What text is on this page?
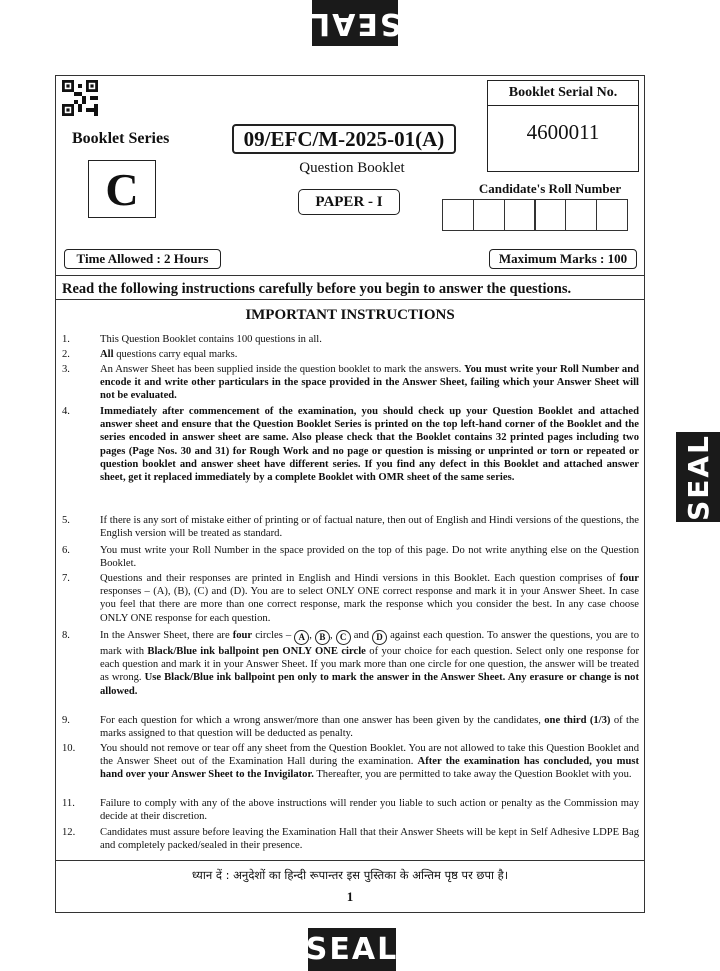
SEAL
SEAL
SEAL
Booklet Series
C
09/EFC/M-2025-01(A)
Question Booklet
PAPER - I
Booklet Serial No.
4600011
Candidate's Roll Number
Time Allowed : 2 Hours	Maximum Marks : 100
Read the following instructions carefully before you begin to answer the questions.
IMPORTANT INSTRUCTIONS
1.	This Question Booklet contains 100 questions in all.
2.	All questions carry equal marks.
3.	An Answer Sheet has been supplied inside the question booklet to mark the answers. You must write your Roll Number and encode it and write other particulars in the space provided in the Answer Sheet, failing which your Answer Sheet will not be evaluated.
4.	Immediately after commencement of the examination, you should check up your Question Booklet and attached answer sheet and ensure that the Question Booklet Series is printed on the top left-hand corner of the Booklet and the series encoded in answer sheet are same. Also please check that the Booklet contains 32 printed pages including two pages (Page Nos. 30 and 31) for Rough Work and no page or question is missing or unprinted or torn or repeated or question booklet and answer sheet have different series. If you find any defect in this Booklet and attached answer sheet, get it replaced immediately by a complete Booklet with OMR sheet of the same series.
5.	If there is any sort of mistake either of printing or of factual nature, then out of English and Hindi versions of the questions, the English version will be treated as standard.
6.	You must write your Roll Number in the space provided on the top of this page. Do not write anything else on the Question Booklet.
7.	Questions and their responses are printed in English and Hindi versions in this Booklet. Each question comprises of four responses – (A), (B), (C) and (D). You are to select ONLY ONE correct response and mark it in your Answer Sheet. In case you feel that there are more than one correct response, mark the response which you consider the best. In any case choose ONLY ONE response for each question.
8.	In the Answer Sheet, there are four circles – A , B , C and D against each question. To answer the questions, you are to mark with Black/Blue ink ballpoint pen ONLY ONE circle of your choice for each question. Select only one response for each question and mark it in your Answer Sheet. If you mark more than one circle for one question, the answer will be treated as wrong. Use Black/Blue ink ballpoint pen only to mark the answer in the Answer Sheet. Any erasure or change is not allowed.
9.	For each question for which a wrong answer/more than one answer has been given by the candidates, one third (1/3) of the marks assigned to that question will be deducted as penalty.
10.	You should not remove or tear off any sheet from the Question Booklet. You are not allowed to take this Question Booklet and the Answer Sheet out of the Examination Hall during the examination. After the examination has concluded, you must hand over your Answer Sheet to the Invigilator. Thereafter, you are permitted to take away the Question Booklet with you.
11.	Failure to comply with any of the above instructions will render you liable to such action or penalty as the Commission may decide at their discretion.
12.	Candidates must assure before leaving the Examination Hall that their Answer Sheets will be kept in Self Adhesive LDPE Bag and completely packed/sealed in their presence.
ध्यान दें : अनुदेशों का हिन्दी रूपान्तर इस पुस्तिका के अन्तिम पृष्ठ पर छपा है।
1
